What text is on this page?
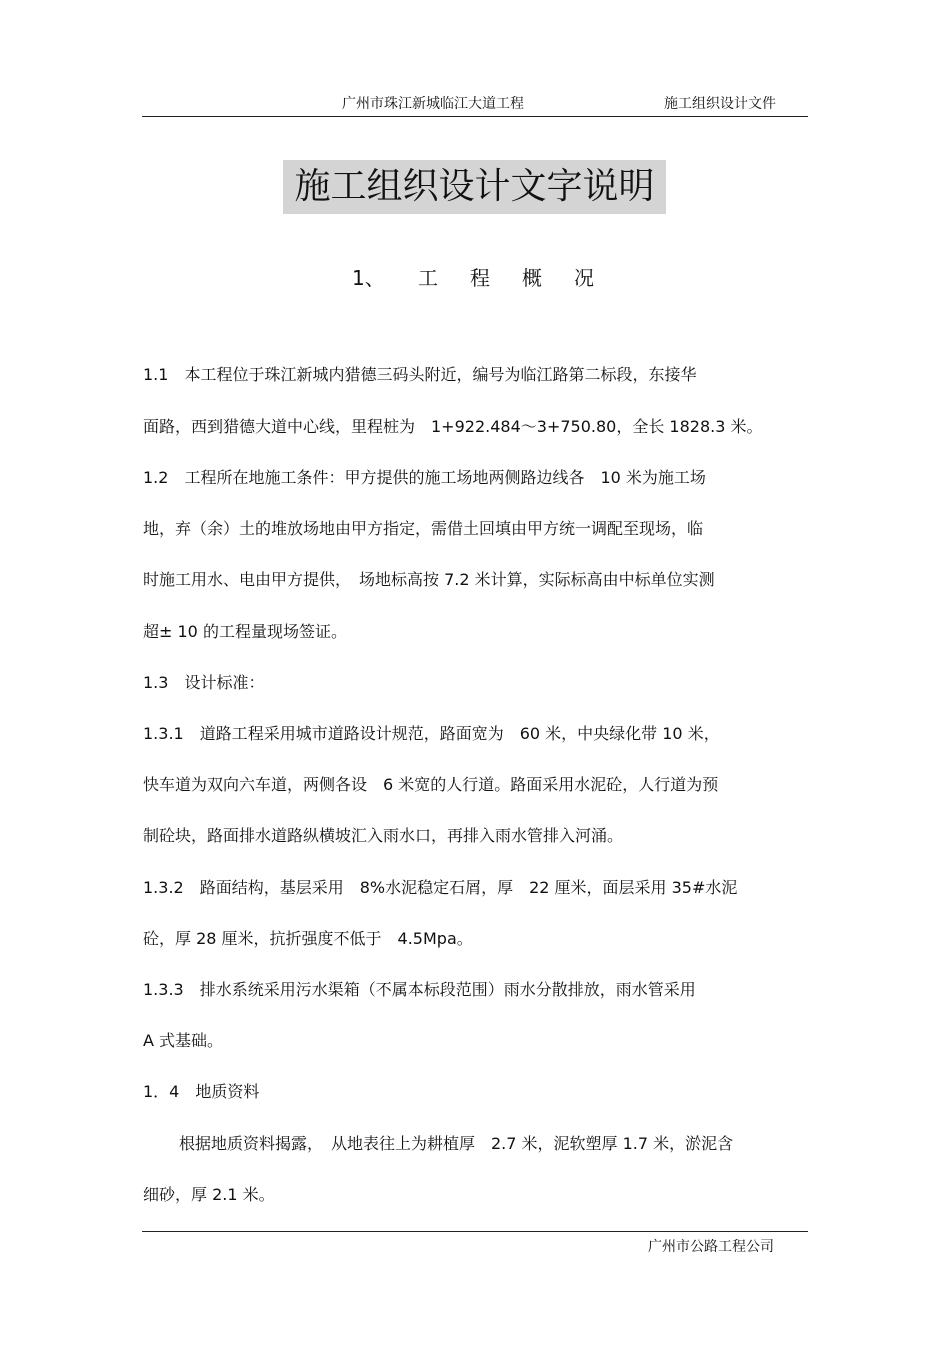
广州市珠江新城临江大道工程	施工组织设计文件
施工组织设计文字说明
1、 工 程 概 况
1.1　本工程位于珠江新城内猎德三码头附近，编号为临江路第二标段，东接华
面路，西到猎德大道中心线，里程桩为　1+922.484～3+750.80，全长 1828.3 米。
1.2　工程所在地施工条件：甲方提供的施工场地两侧路边线各　10 米为施工场
地，弃（余）土的堆放场地由甲方指定，需借土回填由甲方统一调配至现场，临
时施工用水、电由甲方提供，　场地标高按 7.2 米计算，实际标高由中标单位实测
超± 10 的工程量现场签证。
1.3　设计标准：
1.3.1　道路工程采用城市道路设计规范，路面宽为　60 米，中央绿化带 10 米，
快车道为双向六车道，两侧各设　6 米宽的人行道。路面采用水泥砼，人行道为预
制砼块，路面排水道路纵横坡汇入雨水口，再排入雨水管排入河涌。
1.3.2　路面结构，基层采用　8%水泥稳定石屑，厚　22 厘米，面层采用 35#水泥
砼，厚 28 厘米，抗折强度不低于　4.5Mpa。
1.3.3　排水系统采用污水渠箱（不属本标段范围）雨水分散排放，雨水管采用
A 式基础。
1．4　地质资料
根据地质资料揭露，　从地表往上为耕植厚　2.7 米，泥软塑厚 1.7 米，淤泥含
细砂，厚 2.1 米。
广州市公路工程公司
